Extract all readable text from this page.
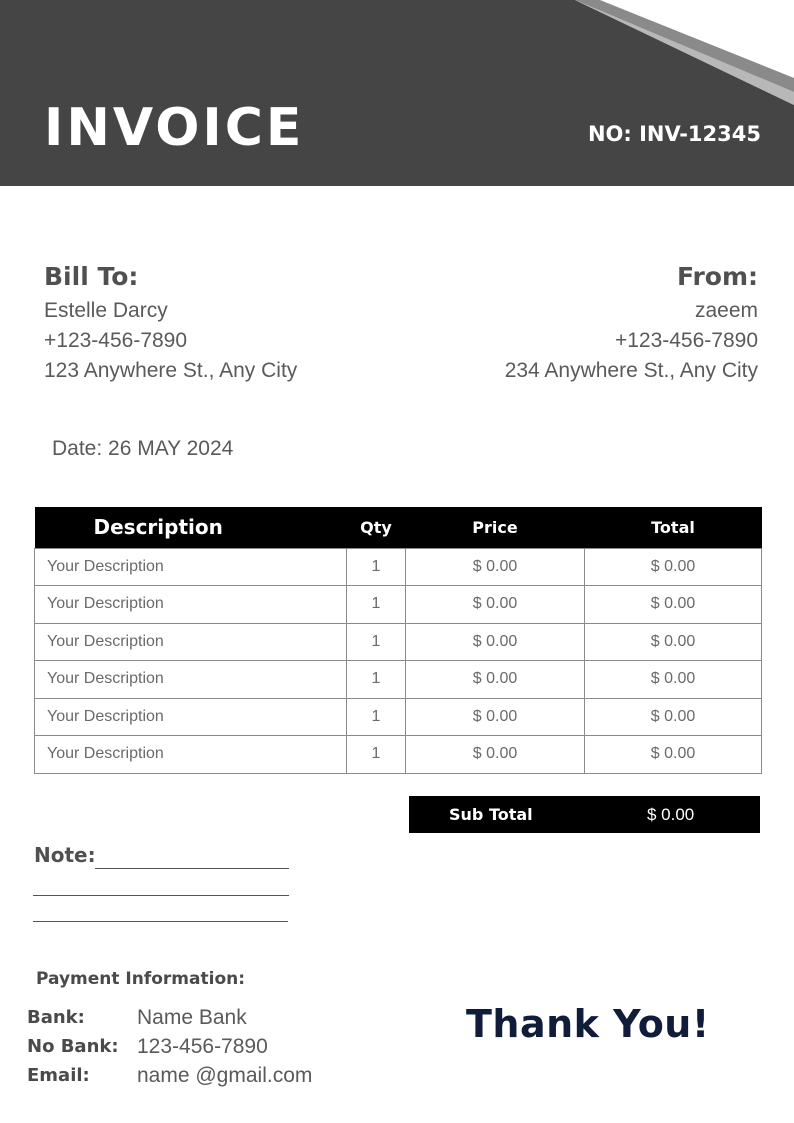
INVOICE	NO: INV-12345
Bill To:
Estelle Darcy
+123-456-7890
123 Anywhere St., Any City
From:
zaeem
+123-456-7890
234 Anywhere St., Any City
Date: 26 MAY 2024
Description	Qty	Price	Total
Your Description	1	$ 0.00	$ 0.00
Your Description	1	$ 0.00	$ 0.00
Your Description	1	$ 0.00	$ 0.00
Your Description	1	$ 0.00	$ 0.00
Your Description	1	$ 0.00	$ 0.00
Your Description	1	$ 0.00	$ 0.00
Sub Total	$ 0.00
Note:
Payment Information:
Bank: Name Bank
No Bank: 123-456-7890
Email: name @gmail.com
Thank You!
